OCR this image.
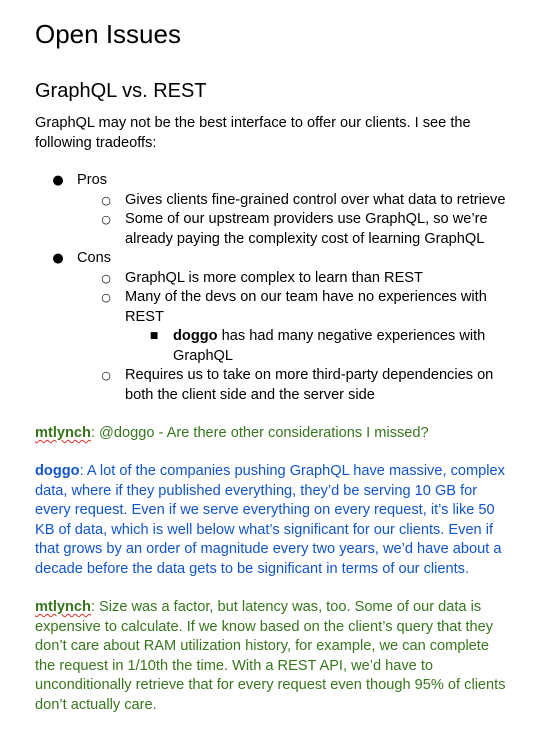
Open Issues
GraphQL vs. REST

GraphQL may not be the best interface to offer our clients. I see the following tradeoffs:

● Pros
○ Gives clients fine-grained control over what data to retrieve
○ Some of our upstream providers use GraphQL, so we’re already paying the complexity cost of learning GraphQL
● Cons
○ GraphQL is more complex to learn than REST
○ Many of the devs on our team have no experiences with REST
■ doggo has had many negative experiences with GraphQL
○ Requires us to take on more third-party dependencies on both the client side and the server side

mtlynch: @doggo - Are there other considerations I missed?

doggo: A lot of the companies pushing GraphQL have massive, complex data, where if they published everything, they’d be serving 10 GB for every request. Even if we serve everything on every request, it’s like 50 KB of data, which is well below what’s significant for our clients. Even if that grows by an order of magnitude every two years, we’d have about a decade before the data gets to be significant in terms of our clients.

mtlynch: Size was a factor, but latency was, too. Some of our data is expensive to calculate. If we know based on the client’s query that they don’t care about RAM utilization history, for example, we can complete the request in 1/10th the time. With a REST API, we’d have to unconditionally retrieve that for every request even though 95% of clients don’t actually care.
